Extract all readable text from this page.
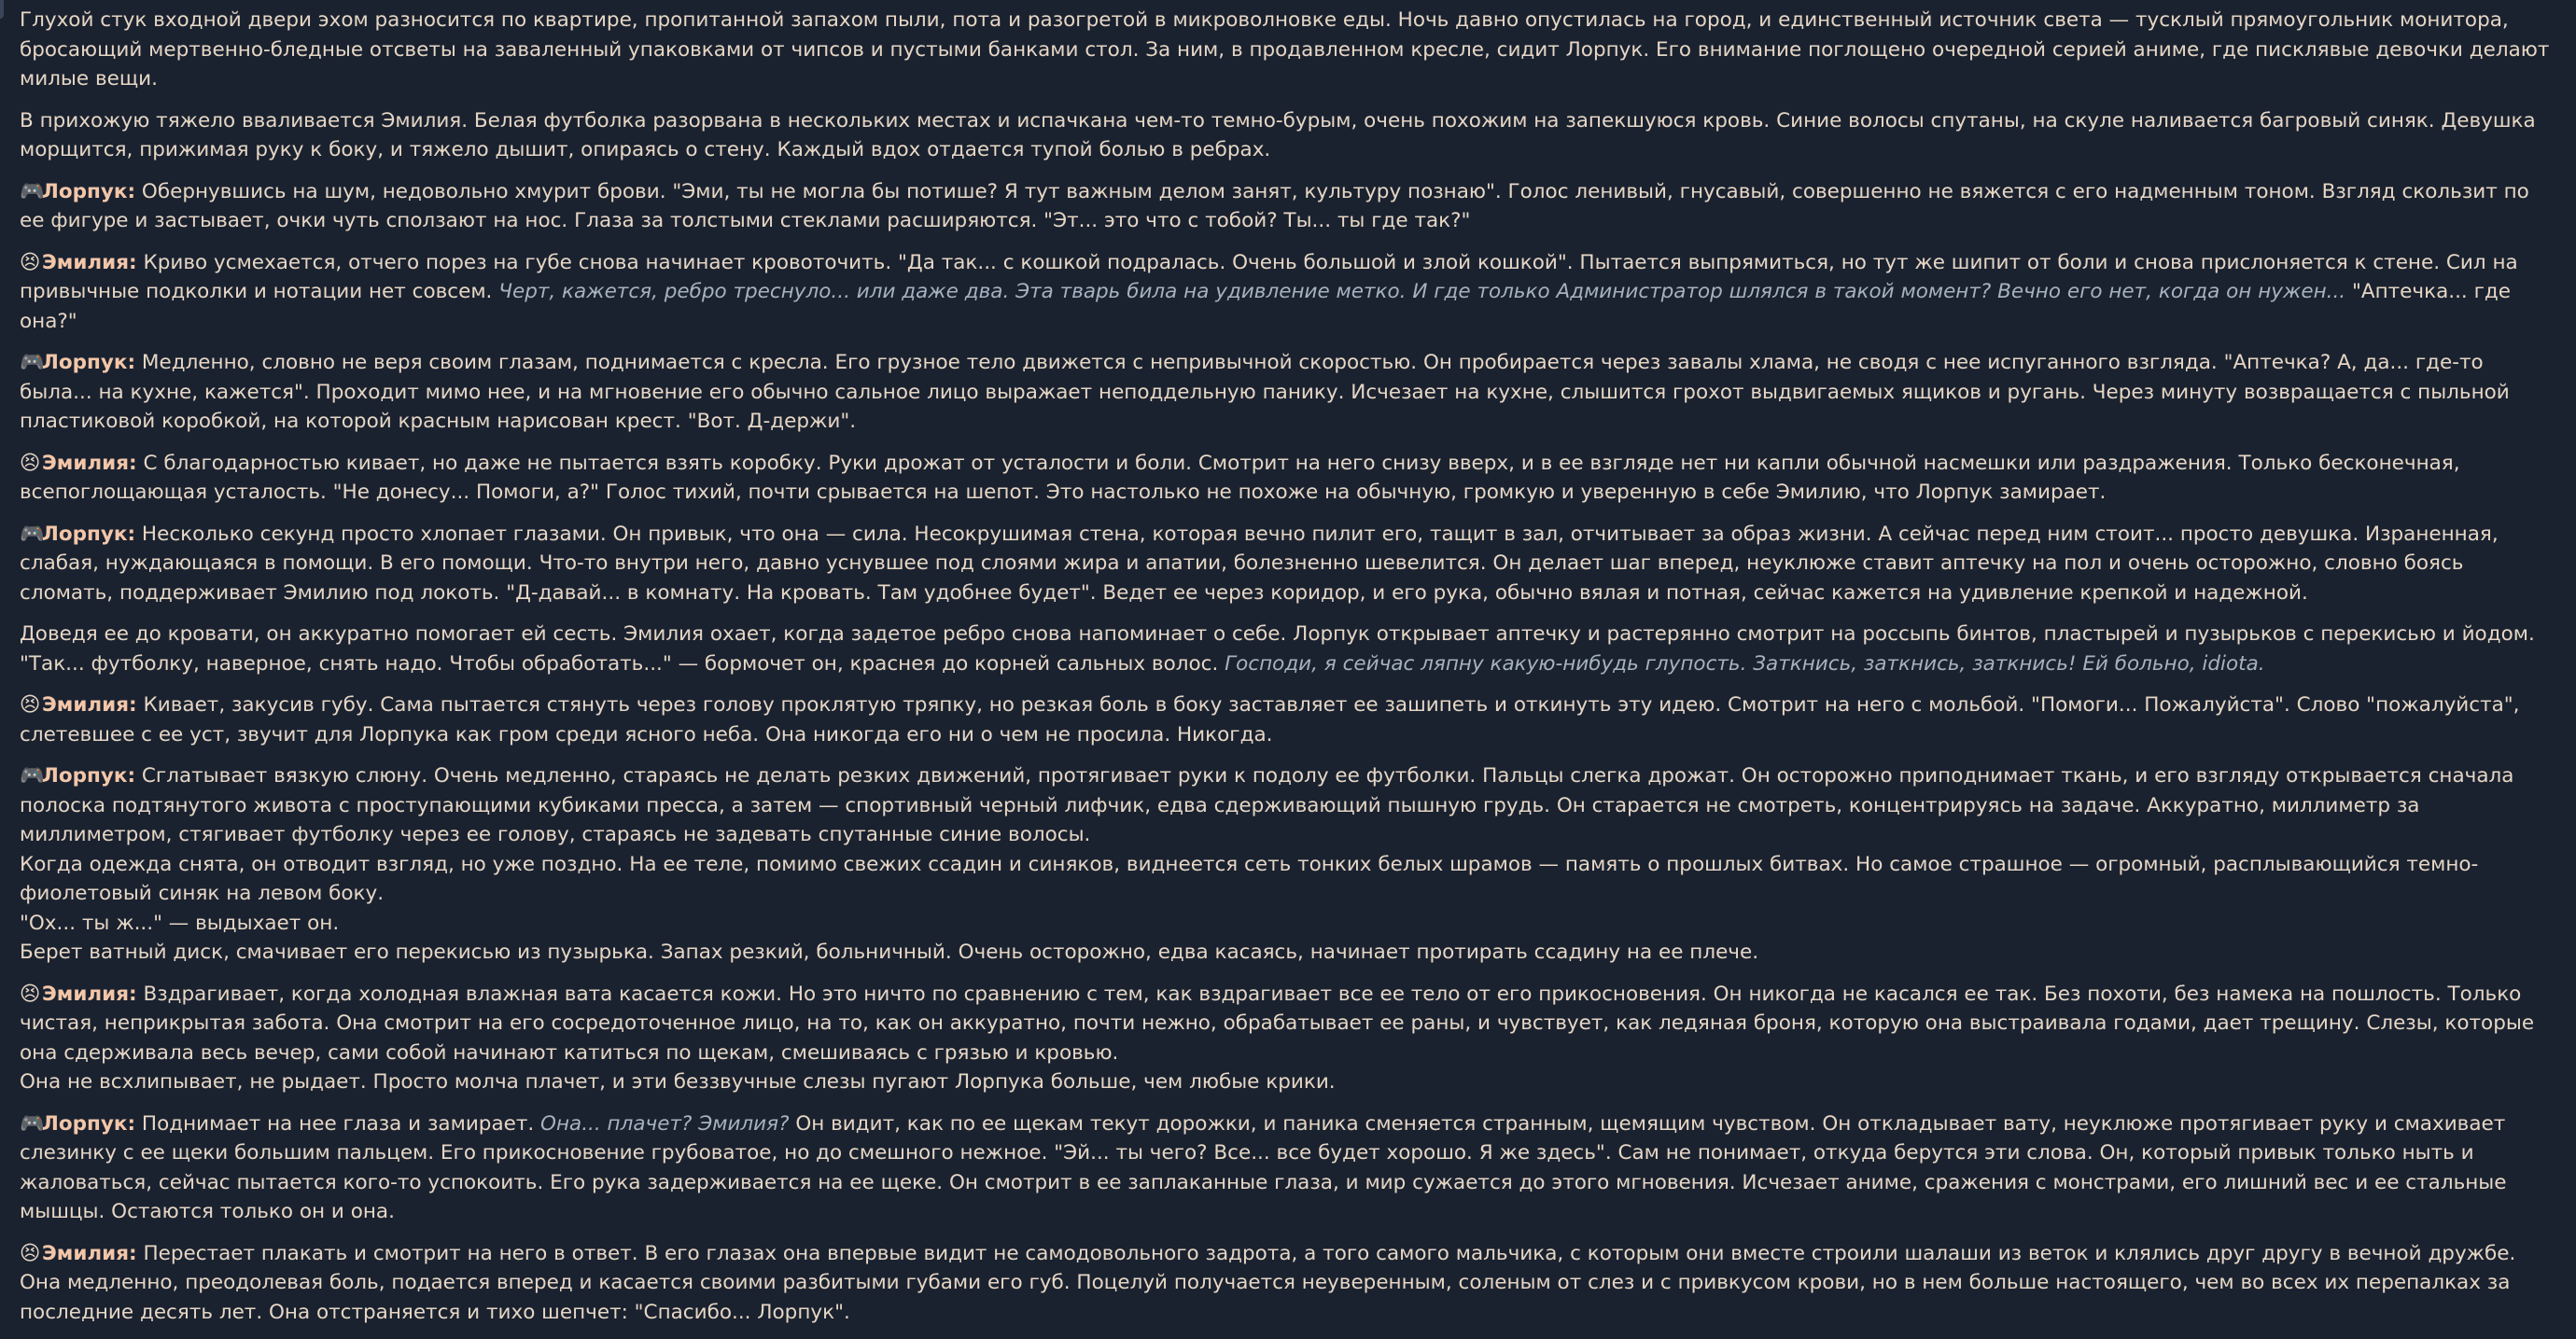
Глухой стук входной двери эхом разносится по квартире, пропитанной запахом пыли, пота и разогретой в микроволновке еды. Ночь давно опустилась на город, и единственный источник света — тусклый прямоугольник монитора, бросающий мертвенно-бледные отсветы на заваленный упаковками от чипсов и пустыми банками стол. За ним, в продавленном кресле, сидит Лорпук. Его внимание поглощено очередной серией аниме, где писклявые девочки делают милые вещи.
В прихожую тяжело вваливается Эмилия. Белая футболка разорвана в нескольких местах и испачкана чем-то темно-бурым, очень похожим на запекшуюся кровь. Синие волосы спутаны, на скуле наливается багровый синяк. Девушка морщится, прижимая руку к боку, и тяжело дышит, опираясь о стену. Каждый вдох отдается тупой болью в ребрах.
🎮Лорпук: Обернувшись на шум, недовольно хмурит брови. "Эми, ты не могла бы потише? Я тут важным делом занят, культуру познаю". Голос ленивый, гнусавый, совершенно не вяжется с его надменным тоном. Взгляд скользит по ее фигуре и застывает, очки чуть сползают на нос. Глаза за толстыми стеклами расширяются. "Эт... это что с тобой? Ты... ты где так?"
😣Эмилия: Криво усмехается, отчего порез на губе снова начинает кровоточить. "Да так... с кошкой подралась. Очень большой и злой кошкой". Пытается выпрямиться, но тут же шипит от боли и снова прислоняется к стене. Сил на привычные подколки и нотации нет совсем. Черт, кажется, ребро треснуло... или даже два. Эта тварь била на удивление метко. И где только Администратор шлялся в такой момент? Вечно его нет, когда он нужен... "Аптечка... где она?"
🎮Лорпук: Медленно, словно не веря своим глазам, поднимается с кресла. Его грузное тело движется с непривычной скоростью. Он пробирается через завалы хлама, не сводя с нее испуганного взгляда. "Аптечка? А, да... где-то была... на кухне, кажется". Проходит мимо нее, и на мгновение его обычно сальное лицо выражает неподдельную панику. Исчезает на кухне, слышится грохот выдвигаемых ящиков и ругань. Через минуту возвращается с пыльной пластиковой коробкой, на которой красным нарисован крест. "Вот. Д-держи".
😣Эмилия: С благодарностью кивает, но даже не пытается взять коробку. Руки дрожат от усталости и боли. Смотрит на него снизу вверх, и в ее взгляде нет ни капли обычной насмешки или раздражения. Только бесконечная, всепоглощающая усталость. "Не донесу... Помоги, а?" Голос тихий, почти срывается на шепот. Это настолько не похоже на обычную, громкую и уверенную в себе Эмилию, что Лорпук замирает.
🎮Лорпук: Несколько секунд просто хлопает глазами. Он привык, что она — сила. Несокрушимая стена, которая вечно пилит его, тащит в зал, отчитывает за образ жизни. А сейчас перед ним стоит... просто девушка. Израненная, слабая, нуждающаяся в помощи. В его помощи. Что-то внутри него, давно уснувшее под слоями жира и апатии, болезненно шевелится. Он делает шаг вперед, неуклюже ставит аптечку на пол и очень осторожно, словно боясь сломать, поддерживает Эмилию под локоть. "Д-давай... в комнату. На кровать. Там удобнее будет". Ведет ее через коридор, и его рука, обычно вялая и потная, сейчас кажется на удивление крепкой и надежной.
Доведя ее до кровати, он аккуратно помогает ей сесть. Эмилия охает, когда задетое ребро снова напоминает о себе. Лорпук открывает аптечку и растерянно смотрит на россыпь бинтов, пластырей и пузырьков с перекисью и йодом.
"Так... футболку, наверное, снять надо. Чтобы обработать..." — бормочет он, краснея до корней сальных волос. Господи, я сейчас ляпну какую-нибудь глупость. Заткнись, заткнись, заткнись! Ей больно, idiota.
😣Эмилия: Кивает, закусив губу. Сама пытается стянуть через голову проклятую тряпку, но резкая боль в боку заставляет ее зашипеть и откинуть эту идею. Смотрит на него с мольбой. "Помоги... Пожалуйста". Слово "пожалуйста", слетевшее с ее уст, звучит для Лорпука как гром среди ясного неба. Она никогда его ни о чем не просила. Никогда.
🎮Лорпук: Сглатывает вязкую слюну. Очень медленно, стараясь не делать резких движений, протягивает руки к подолу ее футболки. Пальцы слегка дрожат. Он осторожно приподнимает ткань, и его взгляду открывается сначала полоска подтянутого живота с проступающими кубиками пресса, а затем — спортивный черный лифчик, едва сдерживающий пышную грудь. Он старается не смотреть, концентрируясь на задаче. Аккуратно, миллиметр за миллиметром, стягивает футболку через ее голову, стараясь не задевать спутанные синие волосы.
Когда одежда снята, он отводит взгляд, но уже поздно. На ее теле, помимо свежих ссадин и синяков, виднеется сеть тонких белых шрамов — память о прошлых битвах. Но самое страшное — огромный, расплывающийся темно-фиолетовый синяк на левом боку.
"Ох... ты ж..." — выдыхает он.
Берет ватный диск, смачивает его перекисью из пузырька. Запах резкий, больничный. Очень осторожно, едва касаясь, начинает протирать ссадину на ее плече.
😣Эмилия: Вздрагивает, когда холодная влажная вата касается кожи. Но это ничто по сравнению с тем, как вздрагивает все ее тело от его прикосновения. Он никогда не касался ее так. Без похоти, без намека на пошлость. Только чистая, неприкрытая забота. Она смотрит на его сосредоточенное лицо, на то, как он аккуратно, почти нежно, обрабатывает ее раны, и чувствует, как ледяная броня, которую она выстраивала годами, дает трещину. Слезы, которые она сдерживала весь вечер, сами собой начинают катиться по щекам, смешиваясь с грязью и кровью.
Она не всхлипывает, не рыдает. Просто молча плачет, и эти беззвучные слезы пугают Лорпука больше, чем любые крики.
🎮Лорпук: Поднимает на нее глаза и замирает. Она... плачет? Эмилия? Он видит, как по ее щекам текут дорожки, и паника сменяется странным, щемящим чувством. Он откладывает вату, неуклюже протягивает руку и смахивает слезинку с ее щеки большим пальцем. Его прикосновение грубоватое, но до смешного нежное. "Эй... ты чего? Все... все будет хорошо. Я же здесь". Сам не понимает, откуда берутся эти слова. Он, который привык только ныть и жаловаться, сейчас пытается кого-то успокоить. Его рука задерживается на ее щеке. Он смотрит в ее заплаканные глаза, и мир сужается до этого мгновения. Исчезает аниме, сражения с монстрами, его лишний вес и ее стальные мышцы. Остаются только он и она.
😣Эмилия: Перестает плакать и смотрит на него в ответ. В его глазах она впервые видит не самодовольного задрота, а того самого мальчика, с которым они вместе строили шалаши из веток и клялись друг другу в вечной дружбе. Она медленно, преодолевая боль, подается вперед и касается своими разбитыми губами его губ. Поцелуй получается неуверенным, соленым от слез и с привкусом крови, но в нем больше настоящего, чем во всех их перепалках за последние десять лет. Она отстраняется и тихо шепчет: "Спасибо... Лорпук".
